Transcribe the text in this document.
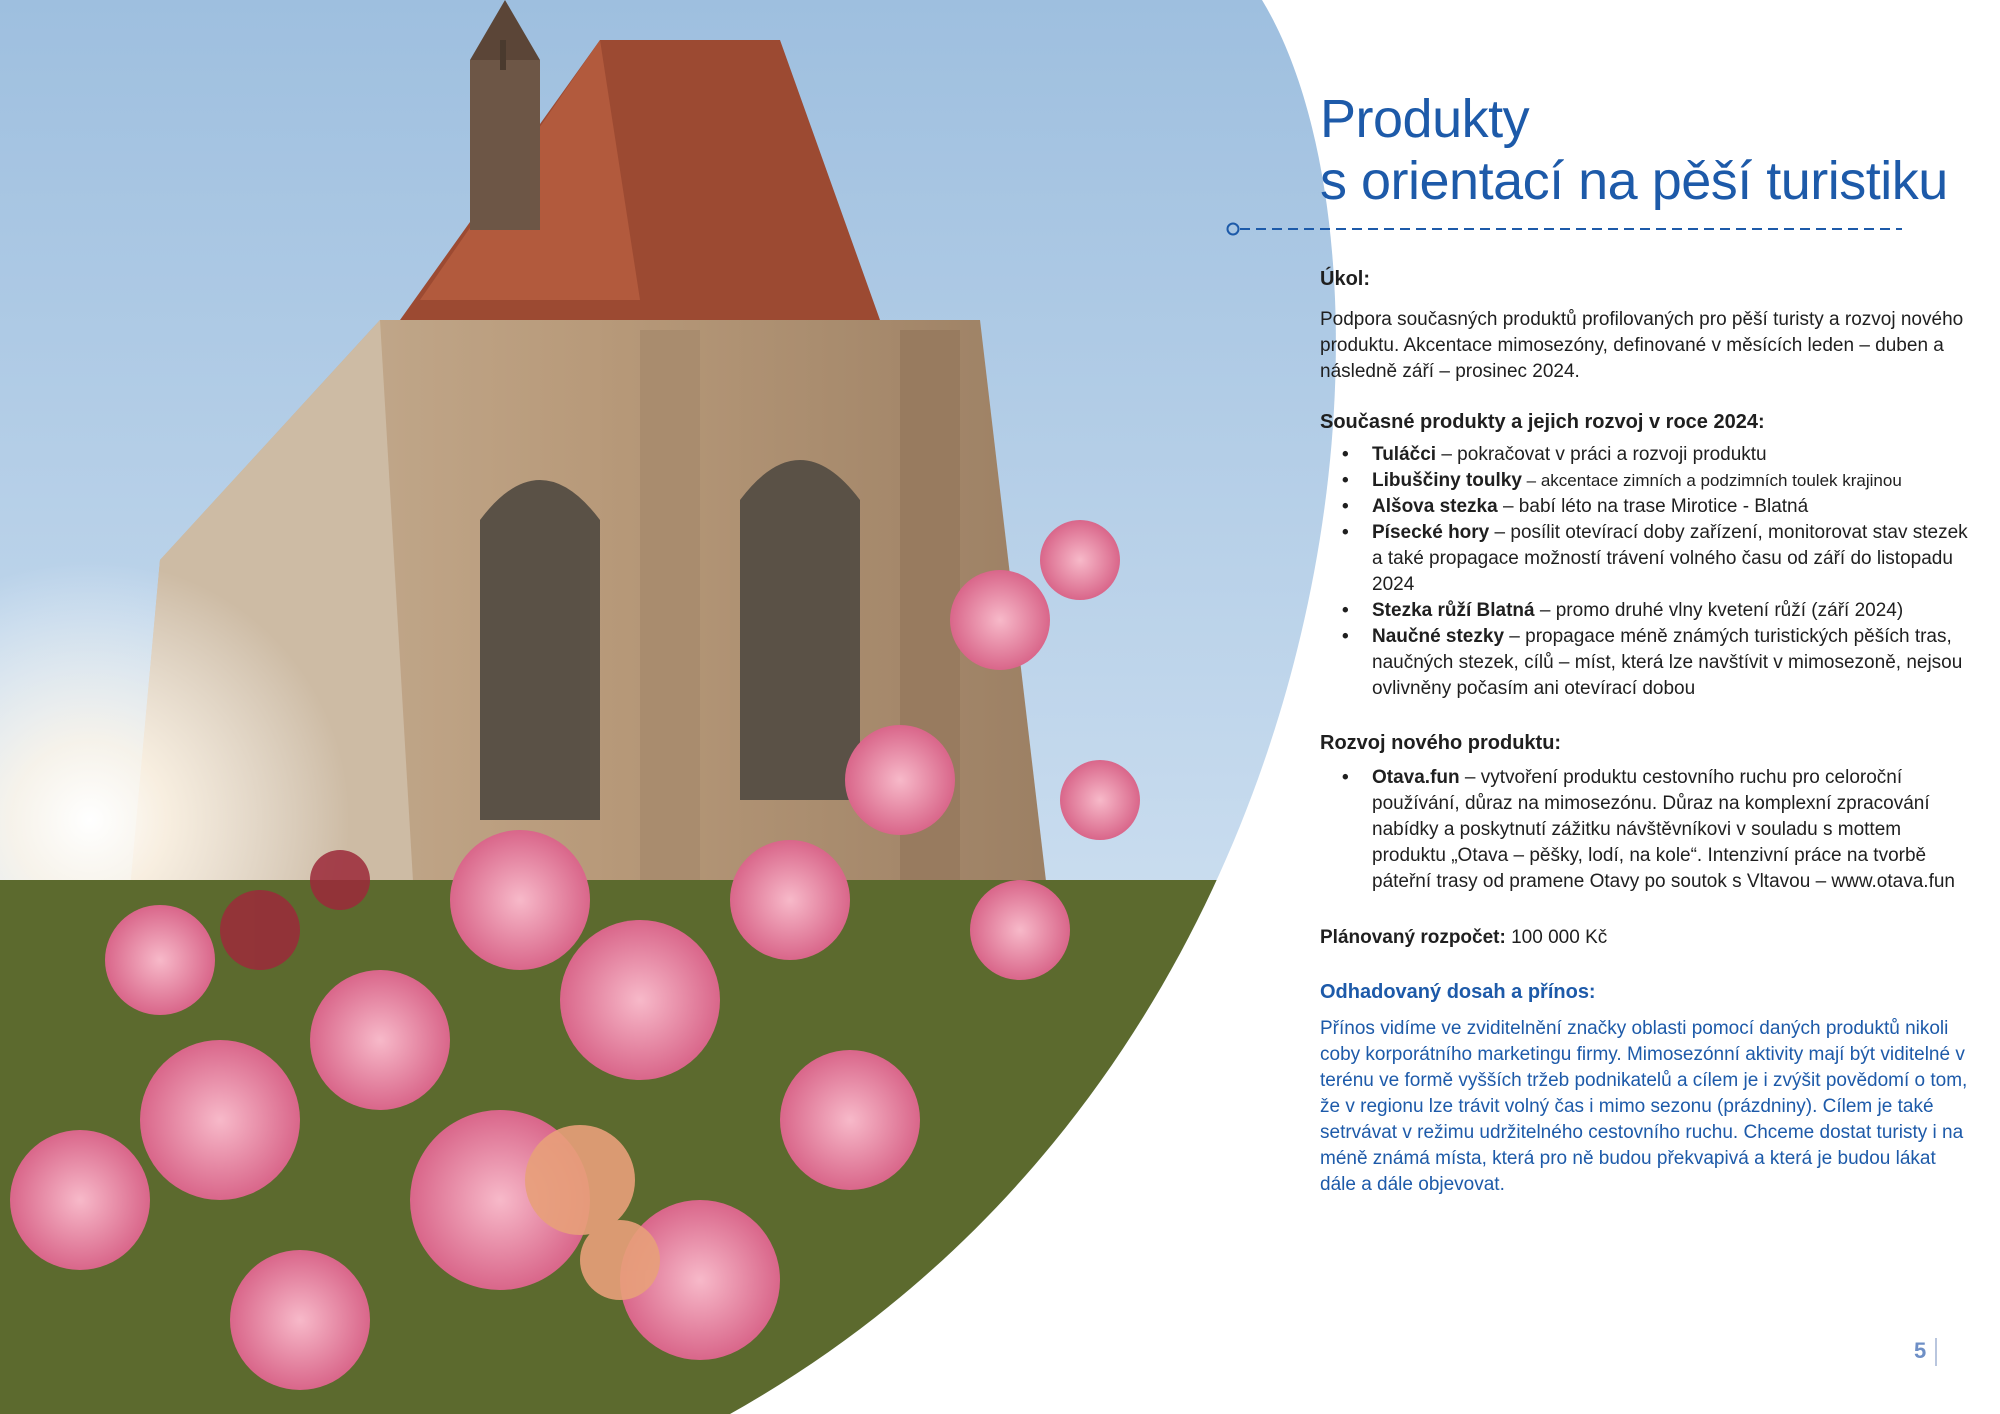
Produkty
s orientací na pěší turistiku

Úkol:

Podpora současných produktů profilovaných pro pěší turisty a rozvoj nového produktu. Akcentace mimosezóny, definované v měsících leden – duben a následně září – prosinec 2024.

Současné produkty a jejich rozvoj v roce 2024:

• Tuláčci – pokračovat v práci a rozvoji produktu
• Libuščiny toulky – akcentace zimních a podzimních toulek krajinou
• Alšova stezka – babí léto na trase Mirotice - Blatná
• Písecké hory – posílit otevírací doby zařízení, monitorovat stav stezek a také propagace možností trávení volného času od září do listopadu 2024
• Stezka růží Blatná – promo druhé vlny kvetení růží (září 2024)
• Naučné stezky – propagace méně známých turistických pěších tras, naučných stezek, cílů – míst, která lze navštívit v mimosezoně, nejsou ovlivněny počasím ani otevírací dobou

Rozvoj nového produktu:

• Otava.fun – vytvoření produktu cestovního ruchu pro celoroční používání, důraz na mimosezónu. Důraz na komplexní zpracování nabídky a poskytnutí zážitku návštěvníkovi v souladu s mottem produktu „Otava – pěšky, lodí, na kole“. Intenzivní práce na tvorbě páteřní trasy od pramene Otavy po soutok s Vltavou – www.otava.fun

Plánovaný rozpočet: 100 000 Kč

Odhadovaný dosah a přínos:

Přínos vidíme ve zviditelnění značky oblasti pomocí daných produktů nikoli coby korporátního marketingu firmy. Mimosezónní aktivity mají být viditelné v terénu ve formě vyšších tržeb podnikatelů a cílem je i zvýšit povědomí o tom, že v regionu lze trávit volný čas i mimo sezonu (prázdniny). Cílem je také setrvávat v režimu udržitelného cestovního ruchu. Chceme dostat turisty i na méně známá místa, která pro ně budou překvapivá a která je budou lákat dále a dále objevovat.

5
